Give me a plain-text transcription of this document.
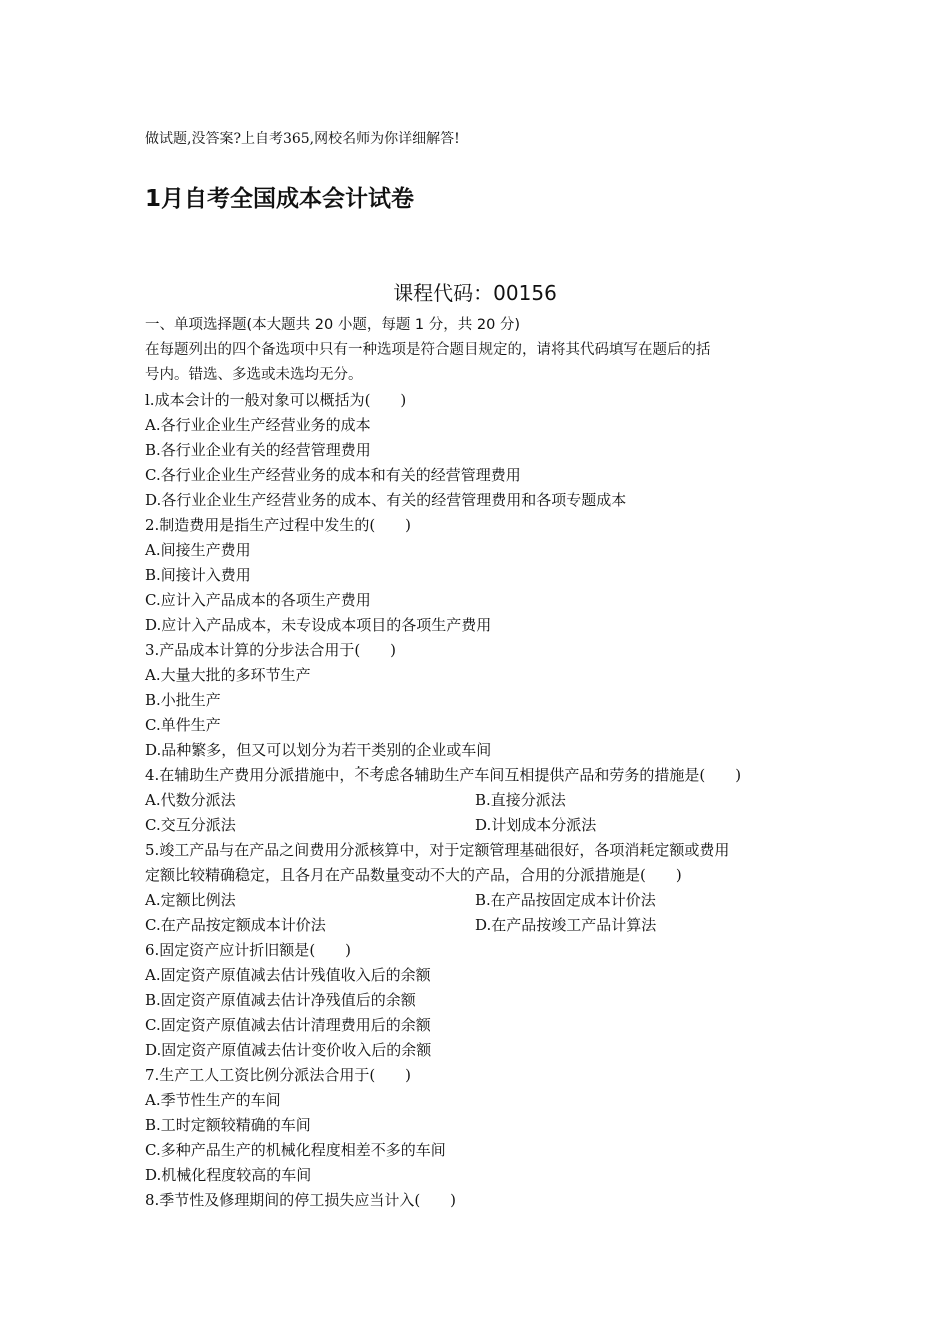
做试题,没答案?上自考365,网校名师为你详细解答!
1月自考全国成本会计试卷
课程代码：00156
一、单项选择题(本大题共 20 小题，每题 1 分，共 20 分)
在每题列出的四个备选项中只有一种选项是符合题目规定的，请将其代码填写在题后的括
号内。错选、多选或未选均无分。
l.成本会计的一般对象可以概括为(　　)
A.各行业企业生产经营业务的成本
B.各行业企业有关的经营管理费用
C.各行业企业生产经营业务的成本和有关的经营管理费用
D.各行业企业生产经营业务的成本、有关的经营管理费用和各项专题成本
2.制造费用是指生产过程中发生的(　　)
A.间接生产费用
B.间接计入费用
C.应计入产品成本的各项生产费用
D.应计入产品成本，未专设成本项目的各项生产费用
3.产品成本计算的分步法合用于(　　)
A.大量大批的多环节生产
B.小批生产
C.单件生产
D.品种繁多，但又可以划分为若干类别的企业或车间
4.在辅助生产费用分派措施中，· · 不考虑各辅助生产车间互相提供产品和劳务的措施是(　　)
A.代数分派法	B.直接分派法
C.交互分派法	D.计划成本分派法
5.竣工产品与在产品之间费用分派核算中，对于定额管理基础很好，各项消耗定额或费用
定额比较精确稳定，且各月在产品数量变动不大的产品，合用的分派措施是(　　)
A.定额比例法	B.在产品按固定成本计价法
C.在产品按定额成本计价法	D.在产品按竣工产品计算法
6.固定资产应计折旧额是(　　)
A.固定资产原值减去估计残值收入后的余额
B.固定资产原值减去估计净残值后的余额
C.固定资产原值减去估计清理费用后的余额
D.固定资产原值减去估计变价收入后的余额
7.生产工人工资比例分派法合用于(　　)
A.季节性生产的车间
B.工时定额较精确的车间
C.多种产品生产的机械化程度相差不多的车间
D.机械化程度较高的车间
8.季节性及修理期间的停工损失应当计入(　　)
